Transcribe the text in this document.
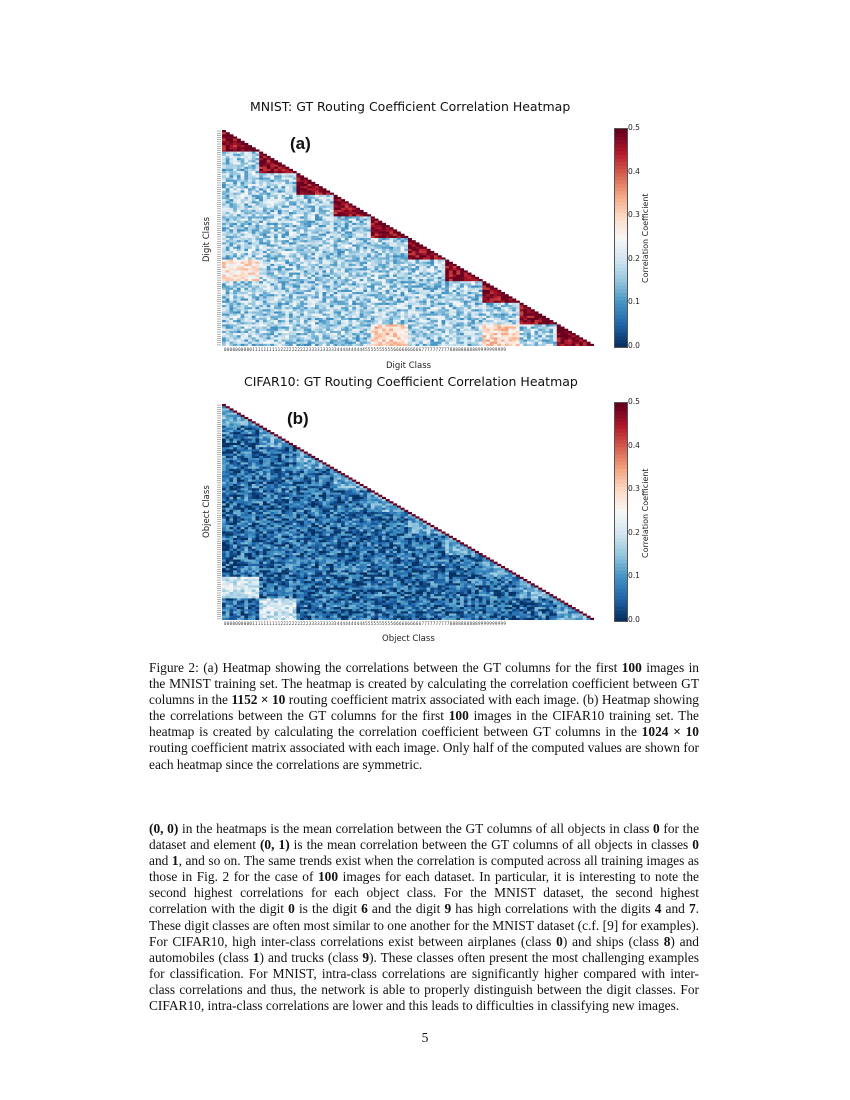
MNIST: GT Routing Coefficient Correlation Heatmap
(a)
0000000000111111111122222222223333333333444444444455555555556666666666777777777788888888889999999999
Digit Class
Digit Class
0.0
0.1
0.2
0.3
0.4
0.5
Correlation Coefficient
CIFAR10: GT Routing Coefficient Correlation Heatmap
(b)
0000000000111111111122222222223333333333444444444455555555556666666666777777777788888888889999999999
Object Class
Object Class
0.0
0.1
0.2
0.3
0.4
0.5
Correlation Coefficient
Figure 2: (a) Heatmap showing the correlations between the GT columns for the first 100 images in the MNIST training set. The heatmap is created by calculating the correlation coefficient between GT columns in the 1152 × 10 routing coefficient matrix associated with each image. (b) Heatmap showing the correlations between the GT columns for the first 100 images in the CIFAR10 training set. The heatmap is created by calculating the correlation coefficient between GT columns in the 1024 × 10 routing coefficient matrix associated with each image. Only half of the computed values are shown for each heatmap since the correlations are symmetric.
(0, 0) in the heatmaps is the mean correlation between the GT columns of all objects in class 0 for the dataset and element (0, 1) is the mean correlation between the GT columns of all objects in classes 0 and 1, and so on. The same trends exist when the correlation is computed across all training images as those in Fig. 2 for the case of 100 images for each dataset. In particular, it is interesting to note the second highest correlations for each object class. For the MNIST dataset, the second highest correlation with the digit 0 is the digit 6 and the digit 9 has high correlations with the digits 4 and 7. These digit classes are often most similar to one another for the MNIST dataset (c.f. [9] for examples). For CIFAR10, high inter-class correlations exist between airplanes (class 0) and ships (class 8) and automobiles (class 1) and trucks (class 9). These classes often present the most challenging examples for classification. For MNIST, intra-class correlations are significantly higher compared with inter-class correlations and thus, the network is able to properly distinguish between the digit classes. For CIFAR10, intra-class correlations are lower and this leads to difficulties in classifying new images.
5
